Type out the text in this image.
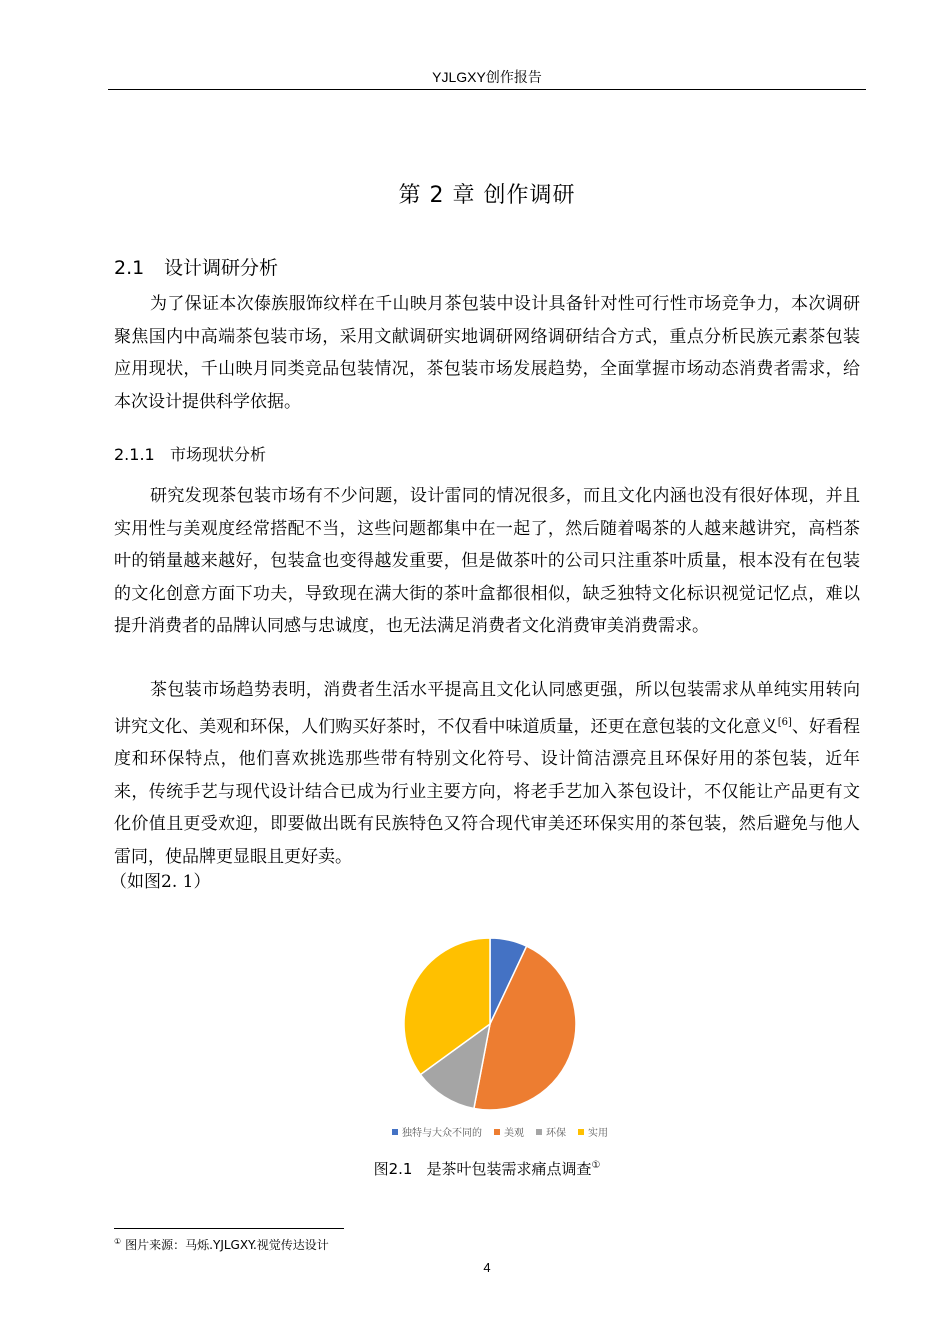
YJLGXY创作报告
第 2 章 创作调研
2.1 设计调研分析

为了保证本次傣族服饰纹样在千山映月茶包装中设计具备针对性可行性市场竞争力，本次调研聚焦国内中高端茶包装市场，采用文献调研实地调研网络调研结合方式，重点分析民族元素茶包装应用现状，千山映月同类竞品包装情况，茶包装市场发展趋势，全面掌握市场动态消费者需求，给本次设计提供科学依据。

2.1.1 市场现状分析

研究发现茶包装市场有不少问题，设计雷同的情况很多，而且文化内涵也没有很好体现，并且实用性与美观度经常搭配不当，这些问题都集中在一起了，然后随着喝茶的人越来越讲究，高档茶叶的销量越来越好，包装盒也变得越发重要，但是做茶叶的公司只注重茶叶质量，根本没有在包装的文化创意方面下功夫，导致现在满大街的茶叶盒都很相似，缺乏独特文化标识视觉记忆点，难以提升消费者的品牌认同感与忠诚度，也无法满足消费者文化消费审美消费需求。

茶包装市场趋势表明，消费者生活水平提高且文化认同感更强，所以包装需求从单纯实用转向讲究文化、美观和环保，人们购买好茶时，不仅看中味道质量，还更在意包装的文化意义[6]、好看程度和环保特点，他们喜欢挑选那些带有特别文化符号、设计简洁漂亮且环保好用的茶包装，近年来，传统手艺与现代设计结合已成为行业主要方向，将老手艺加入茶包设计，不仅能让产品更有文化价值且更受欢迎，即要做出既有民族特色又符合现代审美还环保实用的茶包装，然后避免与他人雷同，使品牌更显眼且更好卖。

（如图2. 1）
独特与大众不同的 美观 环保 实用
图2.1 是茶叶包装需求痛点调查①
① 图片来源：马烁.YJLGXY.视觉传达设计
4
